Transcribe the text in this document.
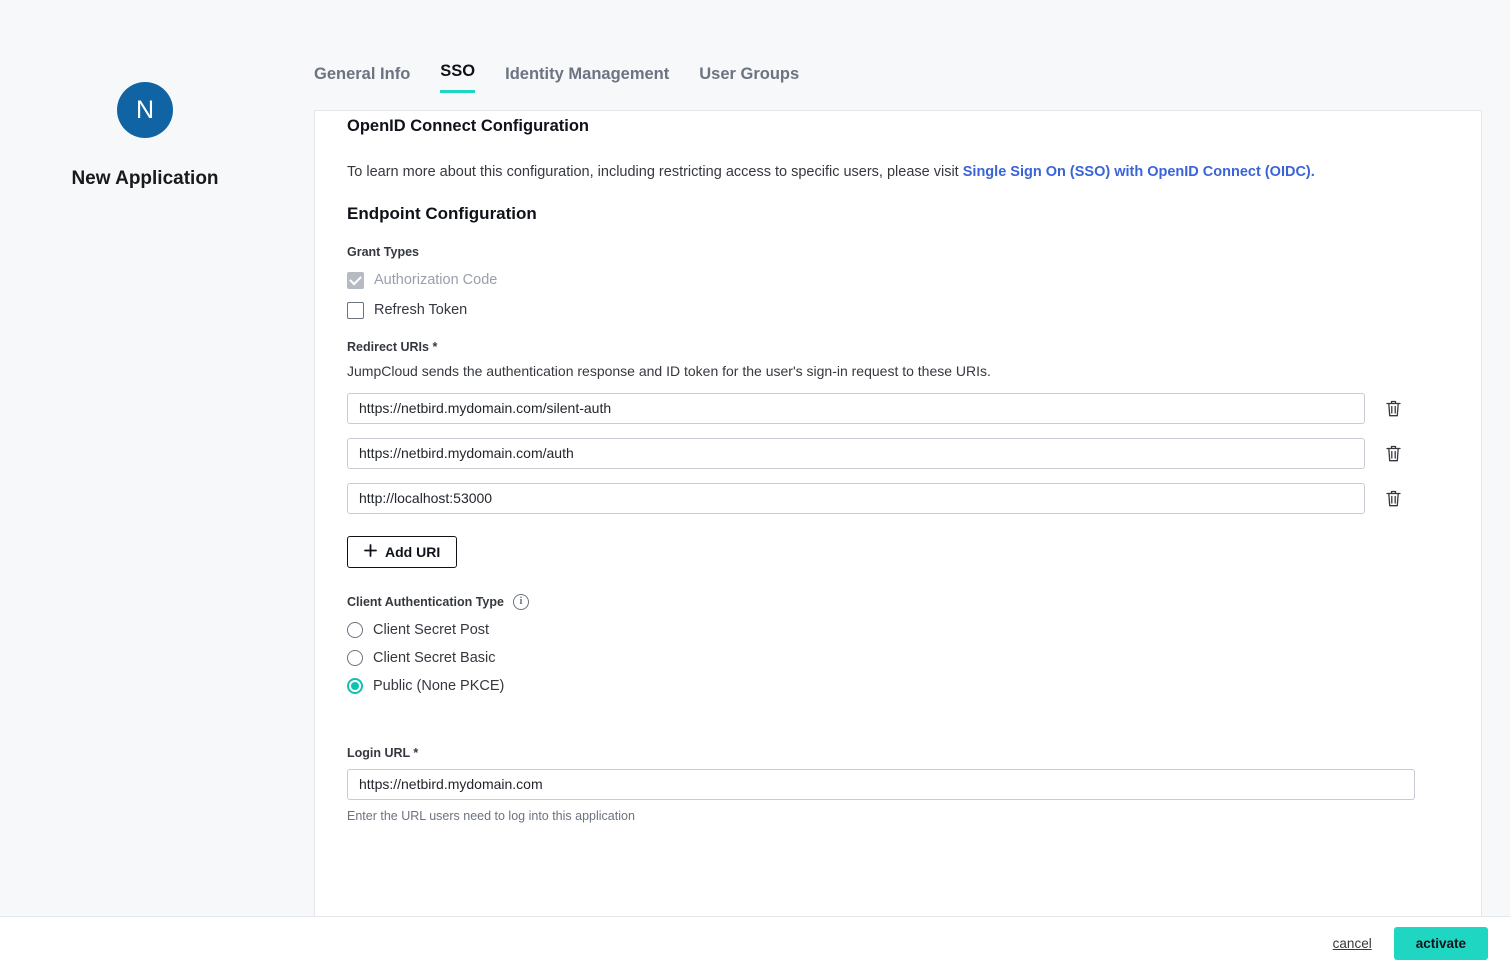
N
New Application
General Info SSO Identity Management User Groups
OpenID Connect Configuration
To learn more about this configuration, including restricting access to specific users, please visit Single Sign On (SSO) with OpenID Connect (OIDC).
Endpoint Configuration
Grant Types
Authorization Code
Refresh Token
Redirect URIs *
JumpCloud sends the authentication response and ID token for the user's sign-in request to these URIs.
https://netbird.mydomain.com/silent-auth
https://netbird.mydomain.com/auth
http://localhost:53000
Add URI
Client Authentication Type	i
Client Secret Post
Client Secret Basic
Public (None PKCE)
Login URL *
https://netbird.mydomain.com
Enter the URL users need to log into this application
cancel	activate
